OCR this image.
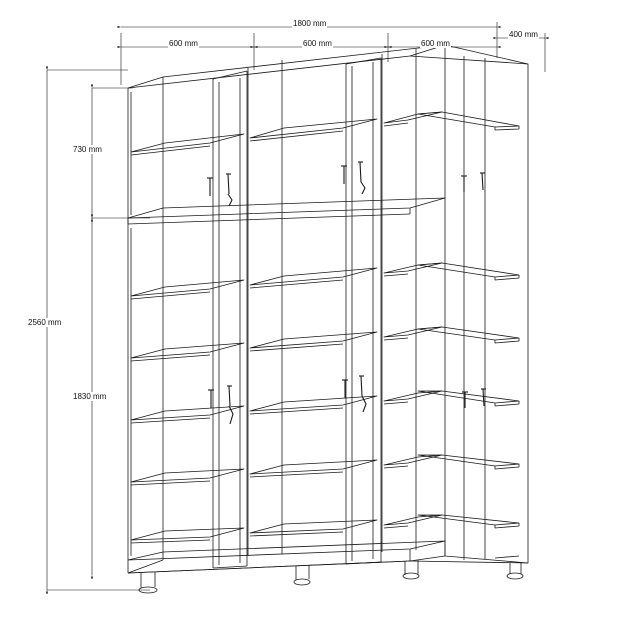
1800 mm
600 mm	600 mm	600 mm
400 mm
730 mm
2560 mm
1830 mm
